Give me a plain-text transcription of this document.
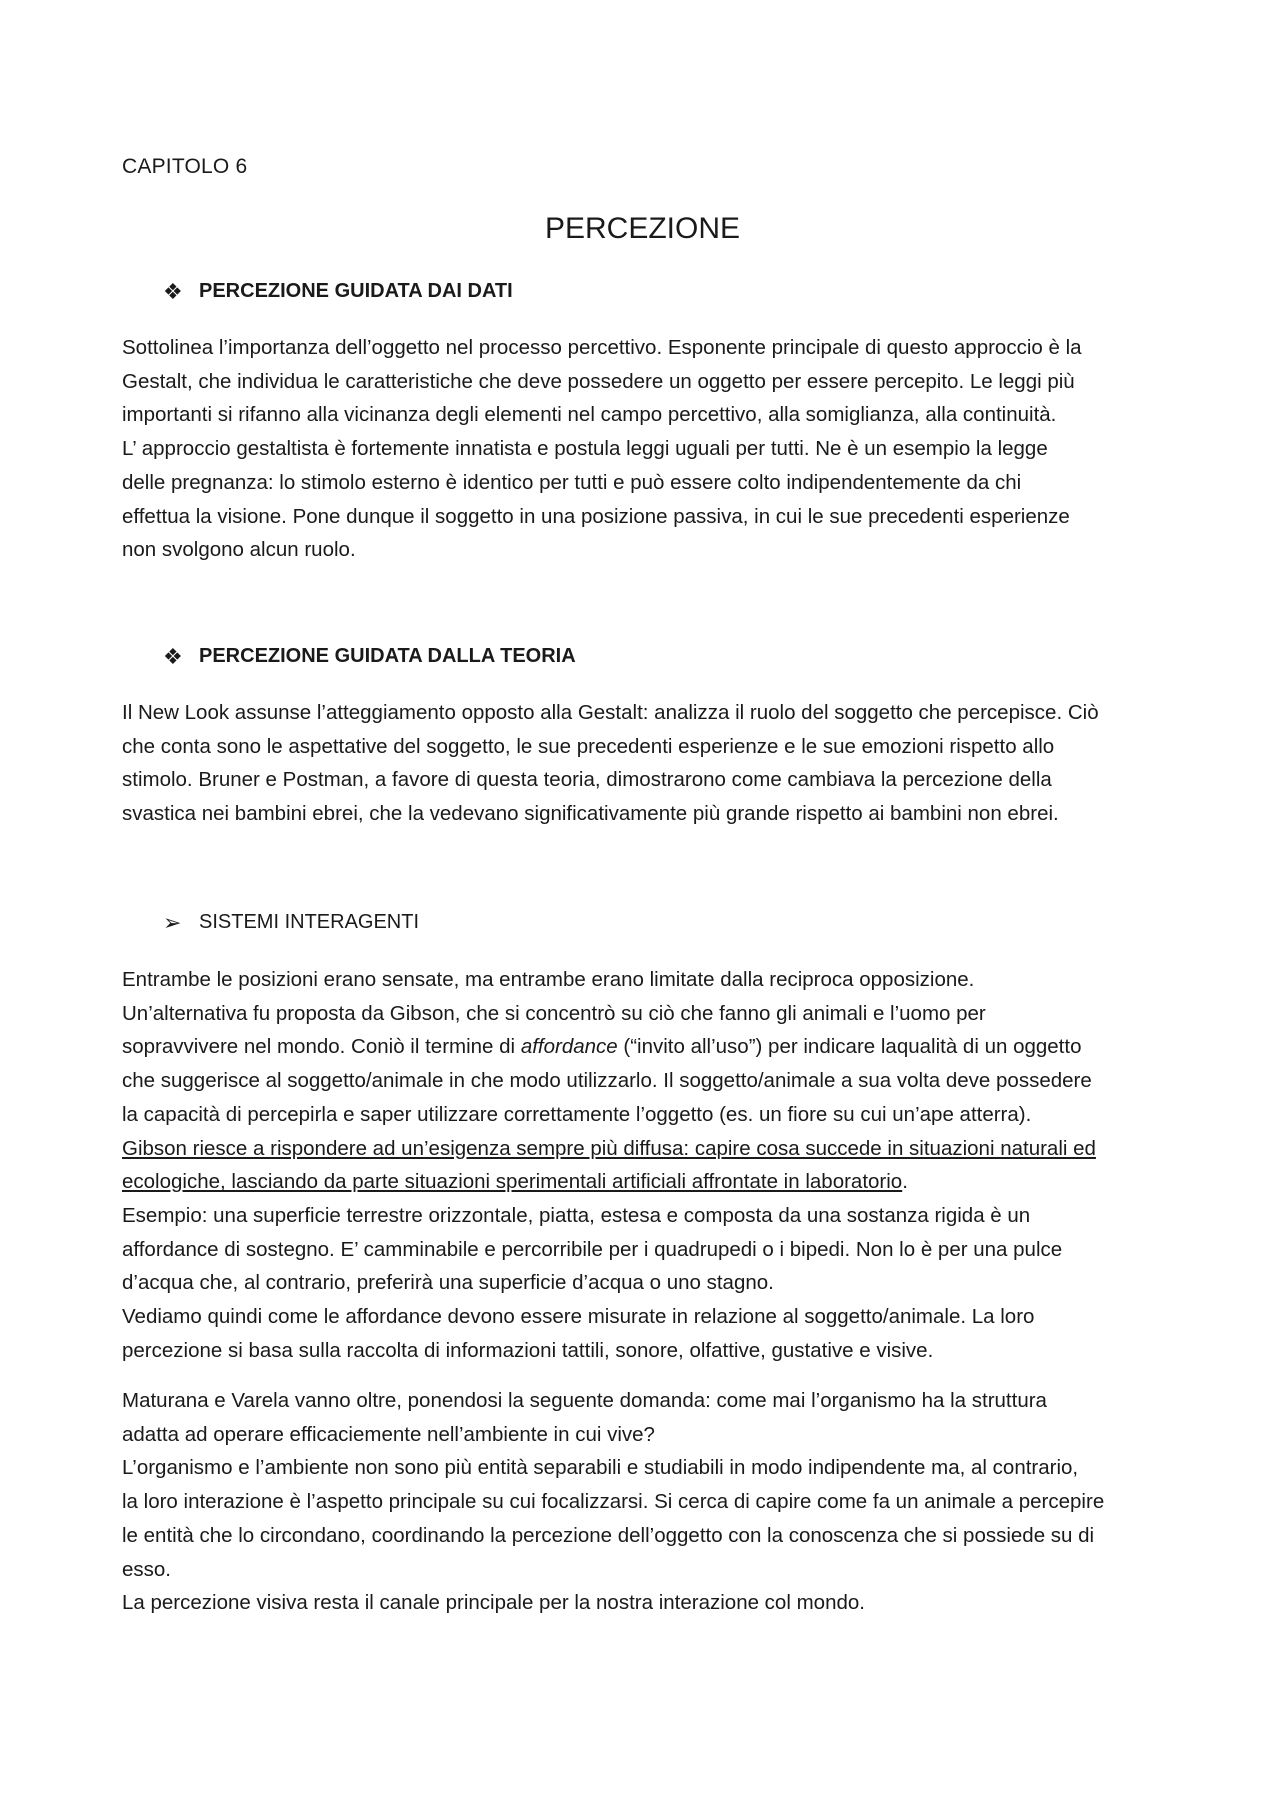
CAPITOLO 6
PERCEZIONE
❖ PERCEZIONE GUIDATA DAI DATI

Sottolinea l’importanza dell’oggetto nel processo percettivo. Esponente principale di questo approccio è la

Gestalt, che individua le caratteristiche che deve possedere un oggetto per essere percepito. Le leggi più

importanti si rifanno alla vicinanza degli elementi nel campo percettivo, alla somiglianza, alla continuità.

L’ approccio gestaltista è fortemente innatista e postula leggi uguali per tutti. Ne è un esempio la legge

delle pregnanza: lo stimolo esterno è identico per tutti e può essere colto indipendentemente da chi

effettua la visione. Pone dunque il soggetto in una posizione passiva, in cui le sue precedenti esperienze

non svolgono alcun ruolo.

❖ PERCEZIONE GUIDATA DALLA TEORIA

Il New Look assunse l’atteggiamento opposto alla Gestalt: analizza il ruolo del soggetto che percepisce. Ciò

che conta sono le aspettative del soggetto, le sue precedenti esperienze e le sue emozioni rispetto allo

stimolo. Bruner e Postman, a favore di questa teoria, dimostrarono come cambiava la percezione della

svastica nei bambini ebrei, che la vedevano significativamente più grande rispetto ai bambini non ebrei.

➢ SISTEMI INTERAGENTI

Entrambe le posizioni erano sensate, ma entrambe erano limitate dalla reciproca opposizione.

Un’alternativa fu proposta da Gibson, che si concentrò su ciò che fanno gli animali e l’uomo per

sopravvivere nel mondo. Coniò il termine di affordance (“invito all’uso”) per indicare laqualità di un oggetto

che suggerisce al soggetto/animale in che modo utilizzarlo. Il soggetto/animale a sua volta deve possedere

la capacità di percepirla e saper utilizzare correttamente l’oggetto (es. un fiore su cui un’ape atterra).

Gibson riesce a rispondere ad un’esigenza sempre più diffusa: capire cosa succede in situazioni naturali ed

ecologiche, lasciando da parte situazioni sperimentali artificiali affrontate in laboratorio.

Esempio: una superficie terrestre orizzontale, piatta, estesa e composta da una sostanza rigida è un

affordance di sostegno. E’ camminabile e percorribile per i quadrupedi o i bipedi. Non lo è per una pulce

d’acqua che, al contrario, preferirà una superficie d’acqua o uno stagno.

Vediamo quindi come le affordance devono essere misurate in relazione al soggetto/animale. La loro

percezione si basa sulla raccolta di informazioni tattili, sonore, olfattive, gustative e visive.

Maturana e Varela vanno oltre, ponendosi la seguente domanda: come mai l’organismo ha la struttura

adatta ad operare efficaciemente nell’ambiente in cui vive?

L’organismo e l’ambiente non sono più entità separabili e studiabili in modo indipendente ma, al contrario,

la loro interazione è l’aspetto principale su cui focalizzarsi. Si cerca di capire come fa un animale a percepire

le entità che lo circondano, coordinando la percezione dell’oggetto con la conoscenza che si possiede su di

esso.

La percezione visiva resta il canale principale per la nostra interazione col mondo.
